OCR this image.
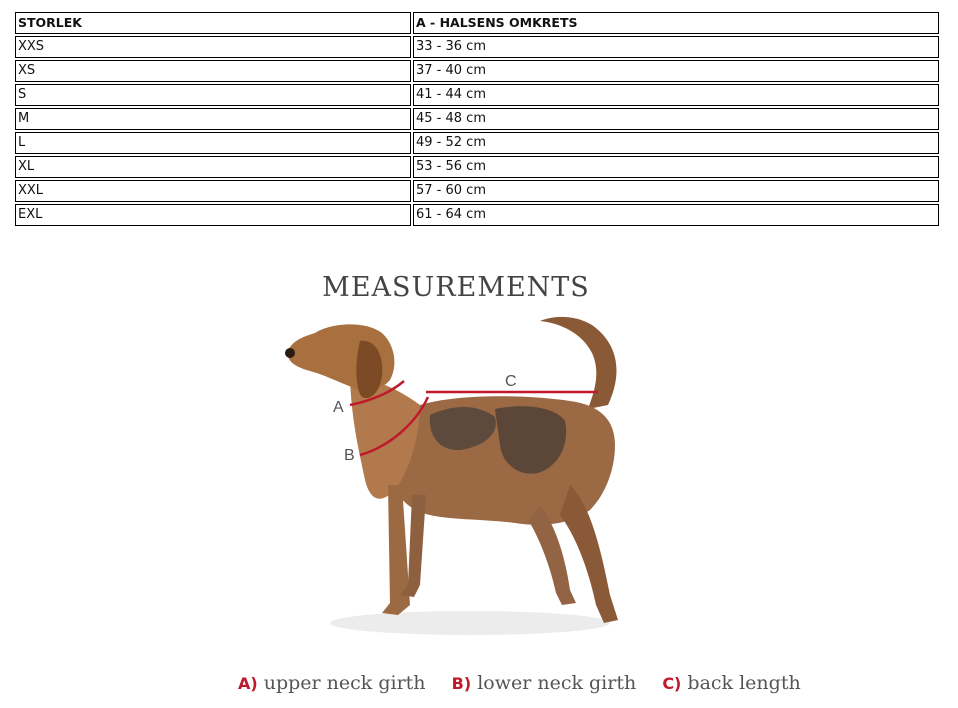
STORLEK	A - HALSENS OMKRETS
XXS	33 - 36 cm
XS	37 - 40 cm
S	41 - 44 cm
M	45 - 48 cm
L	49 - 52 cm
XL	53 - 56 cm
XXL	57 - 60 cm
EXL	61 - 64 cm
MEASUREMENTS
A
B
C
A) upper neck girth B) lower neck girth C) back length
